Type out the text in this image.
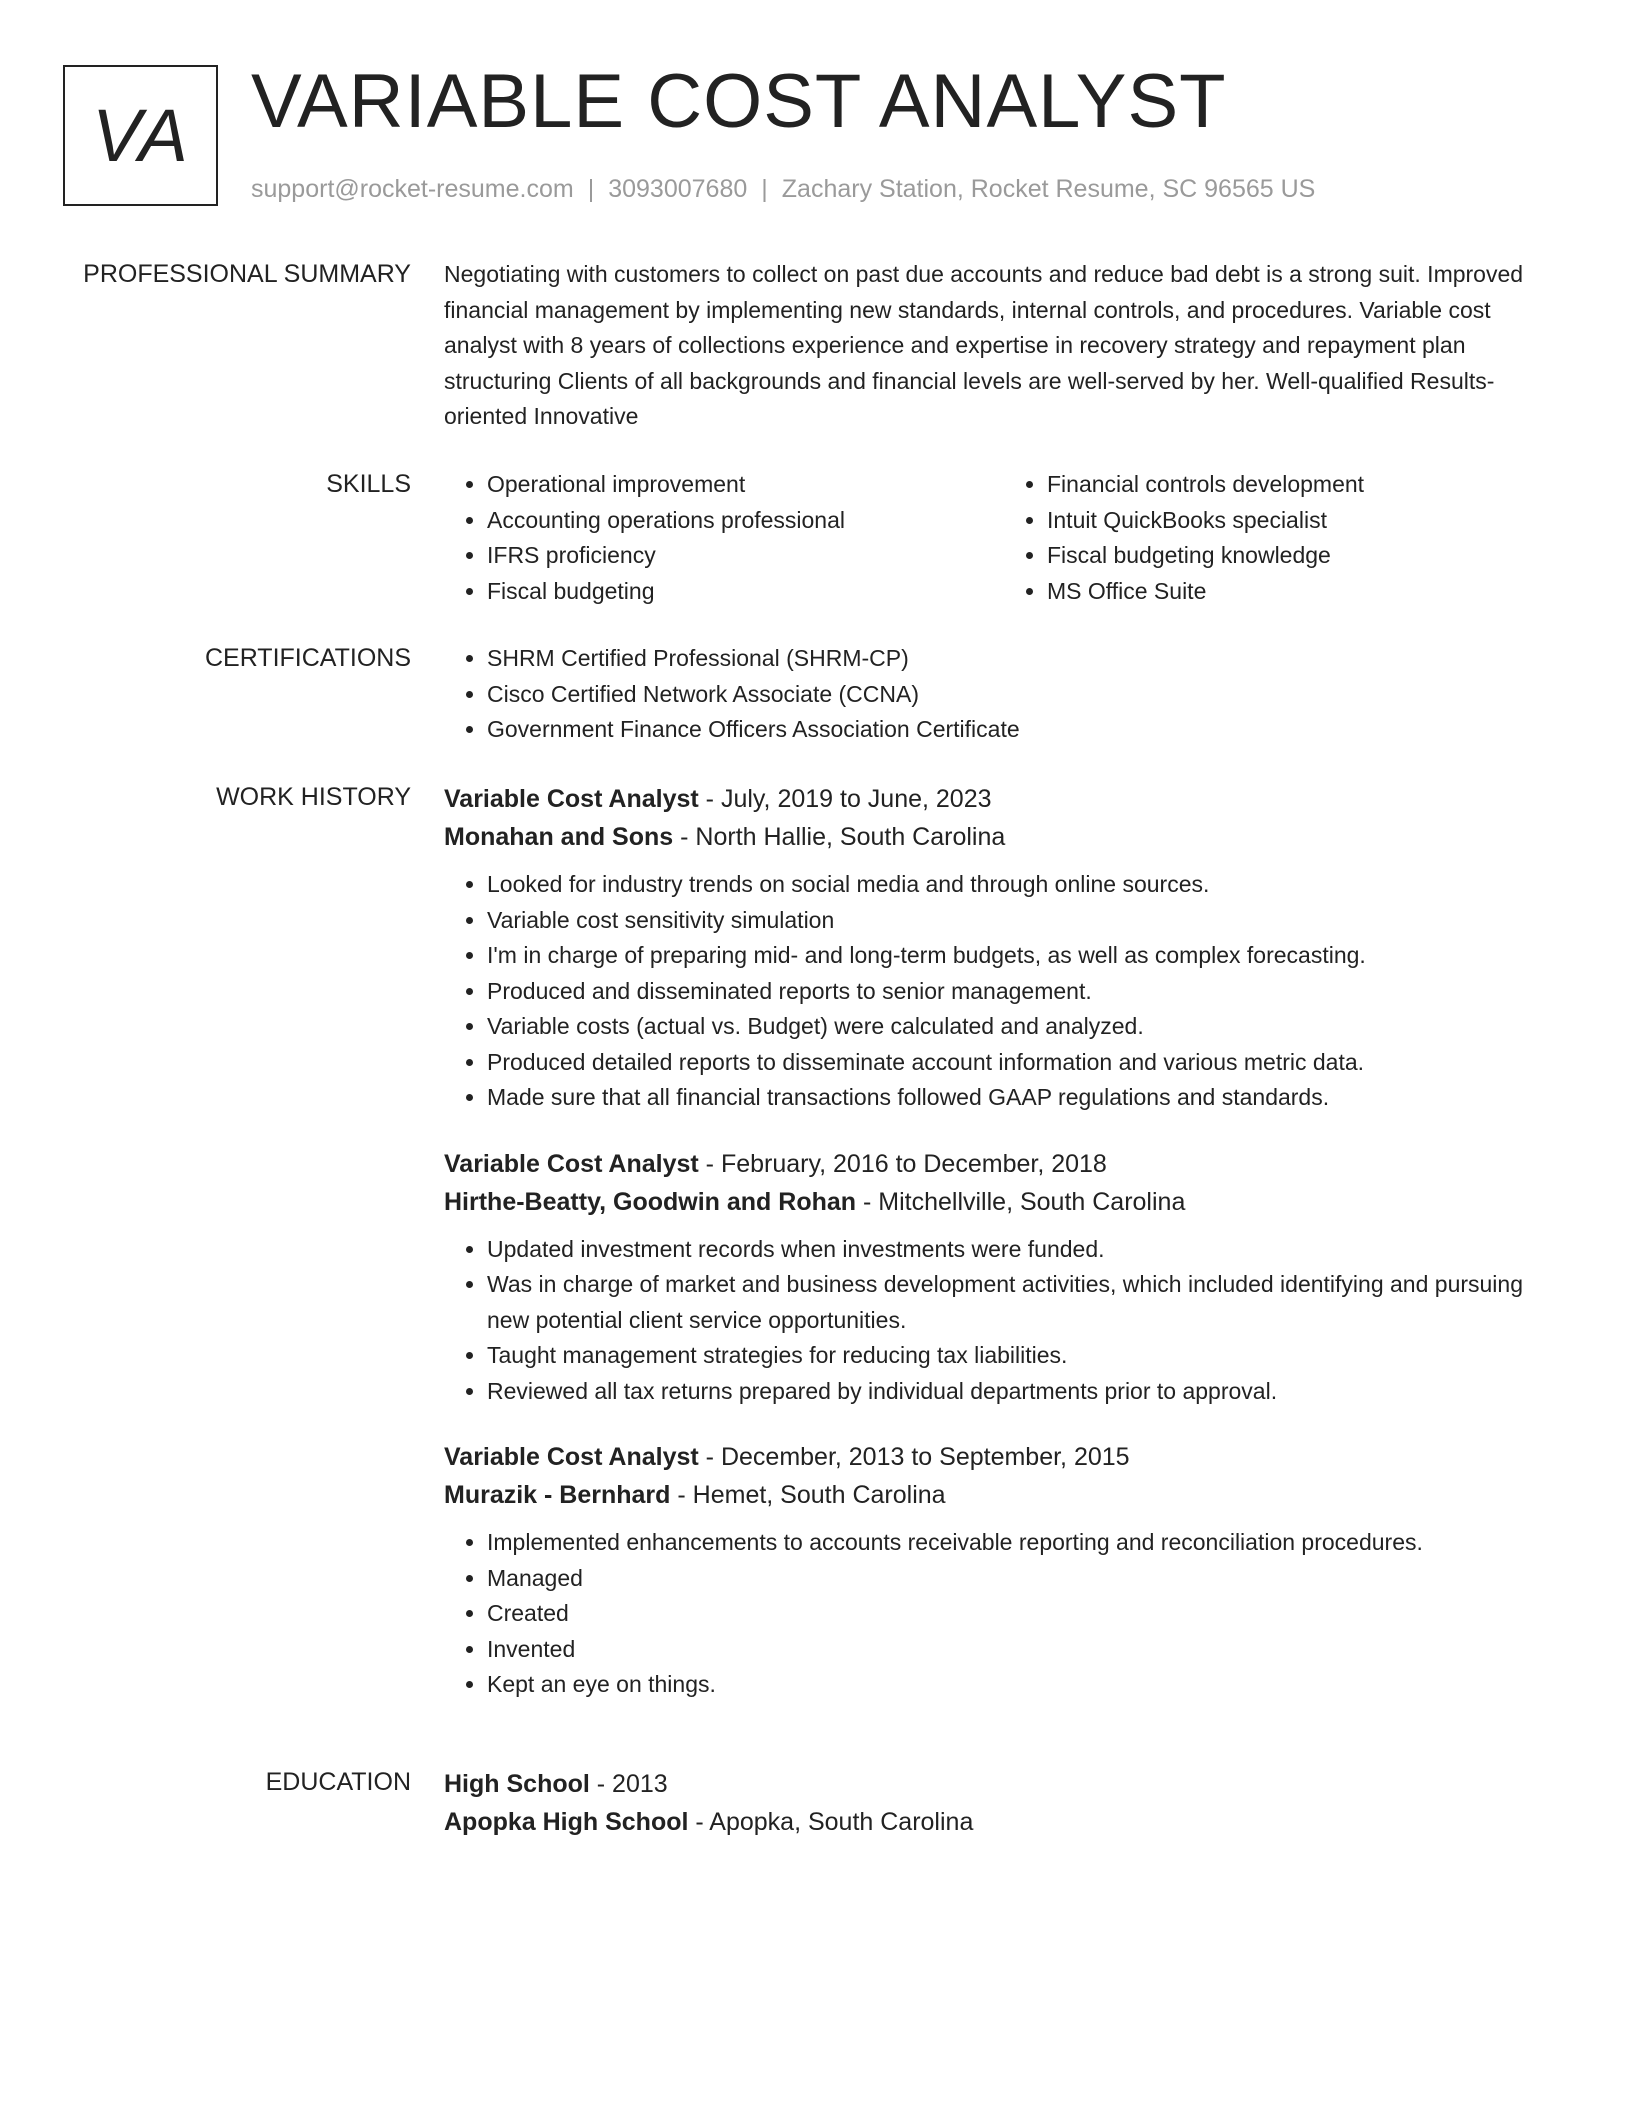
VA VARIABLE COST ANALYST
support@rocket-resume.com | 3093007680 | Zachary Station, Rocket Resume, SC 96565 US
PROFESSIONAL SUMMARY Negotiating with customers to collect on past due accounts and reduce bad debt is a strong suit. Improved financial management by implementing new standards, internal controls, and procedures. Variable cost analyst with 8 years of collections experience and expertise in recovery strategy and repayment plan structuring Clients of all backgrounds and financial levels are well-served by her. Well-qualified Results-oriented Innovative

SKILLS	• Operational improvement
• Accounting operations professional
• IFRS proficiency
• Fiscal budgeting
• Financial controls development
• Intuit QuickBooks specialist
• Fiscal budgeting knowledge
• MS Office Suite
CERTIFICATIONS	• SHRM Certified Professional (SHRM-CP)
• Cisco Certified Network Associate (CCNA)
• Government Finance Officers Association Certificate
WORK HISTORY Variable Cost Analyst - July, 2019 to June, 2023

Monahan and Sons - North Hallie, South Carolina

• Looked for industry trends on social media and through online sources.
• Variable cost sensitivity simulation
• I'm in charge of preparing mid- and long-term budgets, as well as complex forecasting.
• Produced and disseminated reports to senior management.
• Variable costs (actual vs. Budget) were calculated and analyzed.
• Produced detailed reports to disseminate account information and various metric data.
• Made sure that all financial transactions followed GAAP regulations and standards.

Variable Cost Analyst - February, 2016 to December, 2018

Hirthe-Beatty, Goodwin and Rohan - Mitchellville, South Carolina

• Updated investment records when investments were funded.
• Was in charge of market and business development activities, which included identifying and pursuing new potential client service opportunities.
• Taught management strategies for reducing tax liabilities.
• Reviewed all tax returns prepared by individual departments prior to approval.

Variable Cost Analyst - December, 2013 to September, 2015

Murazik - Bernhard - Hemet, South Carolina

• Implemented enhancements to accounts receivable reporting and reconciliation procedures.
• Managed
• Created
• Invented
• Kept an eye on things.
EDUCATION High School - 2013

Apopka High School - Apopka, South Carolina
